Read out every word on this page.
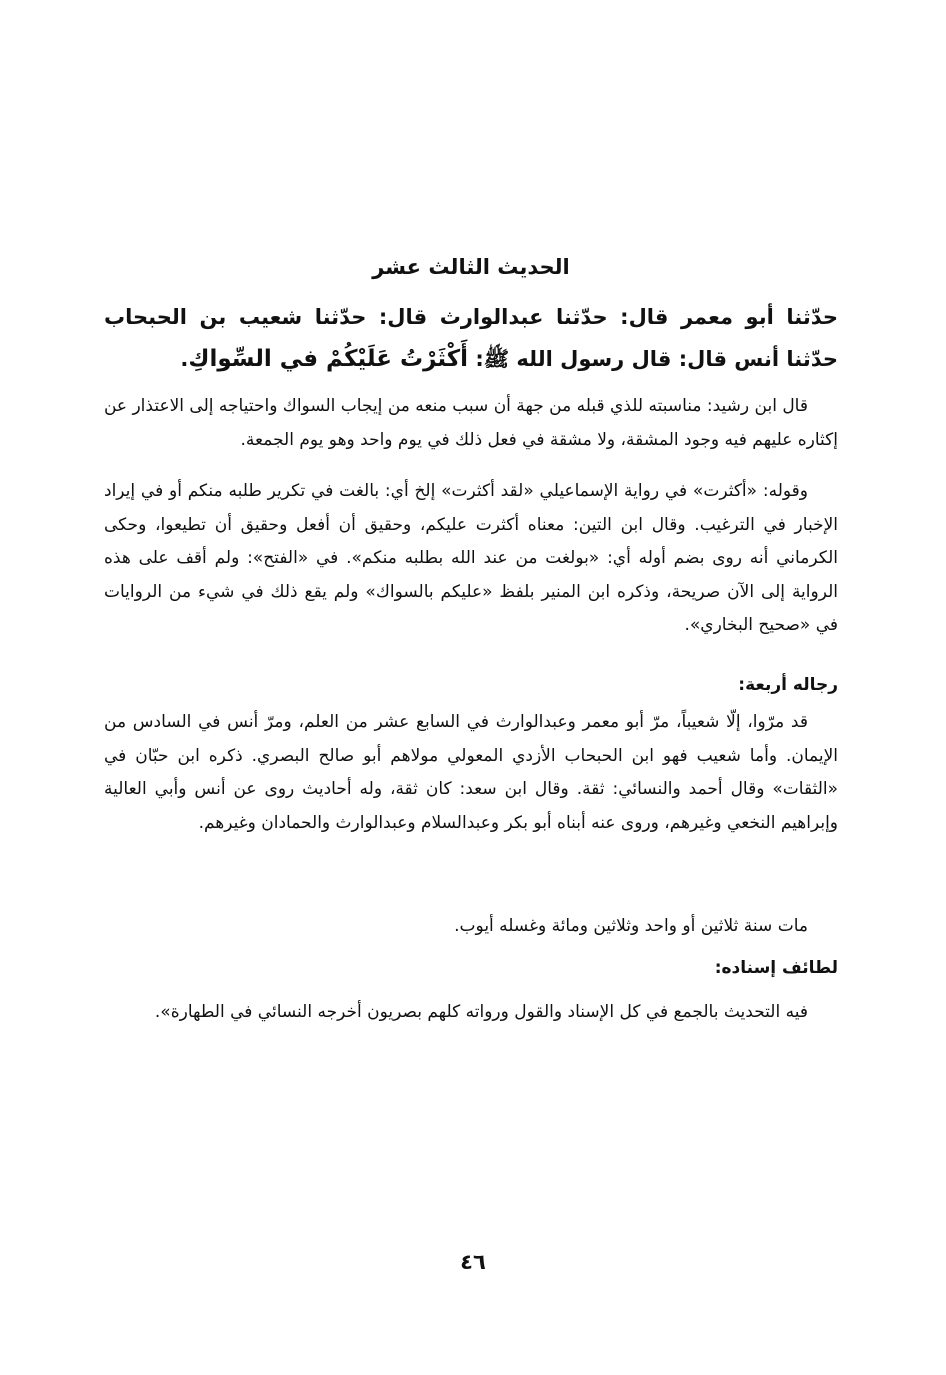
الحديث الثالث عشر

حدّثنا أبو معمر قال: حدّثنا عبدالوارث قال: حدّثنا شعيب بن الحبحاب حدّثنا أنس قال: قال رسول الله ﷺ: أَكْثَرْتُ عَلَيْكُمْ في السِّواكِ.

قال ابن رشيد: مناسبته للذي قبله من جهة أن سبب منعه من إيجاب السواك واحتياجه إلى الاعتذار عن إكثاره عليهم فيه وجود المشقة، ولا مشقة في فعل ذلك في يوم واحد وهو يوم الجمعة.
وقوله: «أكثرت» في رواية الإسماعيلي «لقد أكثرت» إلخ أي: بالغت في تكرير طلبه منكم أو في إيراد الإخبار في الترغيب. وقال ابن التين: معناه أكثرت عليكم، وحقيق أن أفعل وحقيق أن تطيعوا، وحكى الكرماني أنه روى بضم أوله أي: «بولغت من عند الله بطلبه منكم». في «الفتح»: ولم أقف على هذه الرواية إلى الآن صريحة، وذكره ابن المنير بلفظ «عليكم بالسواك» ولم يقع ذلك في شيء من الروايات في «صحيح البخاري».
رجاله أربعة:
قد مرّوا، إلّا شعيباً، مرّ أبو معمر وعبدالوارث في السابع عشر من العلم، ومرّ أنس في السادس من الإيمان. وأما شعيب فهو ابن الحبحاب الأزدي المعولي مولاهم أبو صالح البصري. ذكره ابن حبّان في «الثقات» وقال أحمد والنسائي: ثقة. وقال ابن سعد: كان ثقة، وله أحاديث روى عن أنس وأبي العالية وإبراهيم النخعي وغيرهم، وروى عنه أبناه أبو بكر وعبدالسلام وعبدالوارث والحمادان وغيرهم.
مات سنة ثلاثين أو واحد وثلاثين ومائة وغسله أيوب.
لطائف إسناده:
فيه التحديث بالجمع في كل الإسناد والقول ورواته كلهم بصريون أخرجه النسائي في الطهارة».
٤٦
